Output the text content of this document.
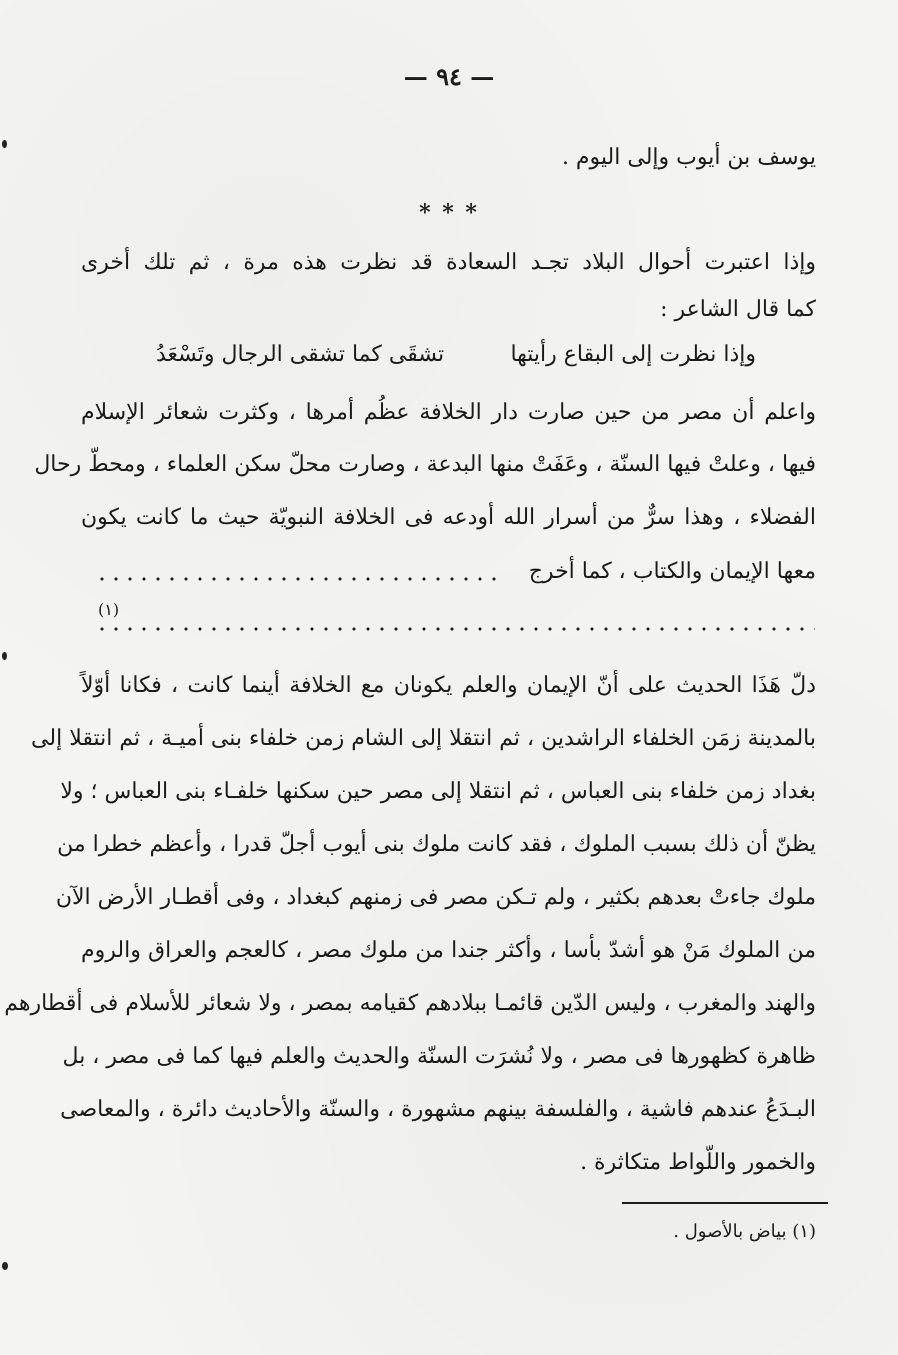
— ٩٤ —
يوسف بن أيوب وإلى اليوم .
* * *
وإذا اعتبرت أحوال البلاد تجـد السعادة قد نظرت هذه مرة ، ثم تلك أخرى
كما قال الشاعر :
وإذا نظرت إلى البقاع رأيتها
تشقَى كما تشقى الرجال وتَسْعَدُ
واعلم أن مصر من حين صارت دار الخلافة عظُم أمرها ، وكثرت شعائر الإسلام
فيها ، وعلتْ فيها السنّة ، وعَفَتْ منها البدعة ، وصارت محلّ سكن العلماء ، ومحطّ رحال
الفضلاء ، وهذا سرٌّ من أسرار الله أودعه فى الخلافة النبويّة حيث ما كانت يكون
معها الإيمان والكتاب ، كما أخرج
(١)
دلّ هَذَا الحديث على أنّ الإيمان والعلم يكونان مع الخلافة أينما كانت ، فكانا أوّلاً
بالمدينة زمَن الخلفاء الراشدين ، ثم انتقلا إلى الشام زمن خلفاء بنى أميـة ، ثم انتقلا إلى
بغداد زمن خلفاء بنى العباس ، ثم انتقلا إلى مصر حين سكنها خلفـاء بنى العباس ؛ ولا
يظنّ أن ذلك بسبب الملوك ، فقد كانت ملوك بنى أيوب أجلّ قدرا ، وأعظم خطرا من
ملوك جاءتْ بعدهم بكثير ، ولم تـكن مصر فى زمنهم كبغداد ، وفى أقطـار الأرض الآن
من الملوك مَنْ هو أشدّ بأسا ، وأكثر جندا من ملوك مصر ، كالعجم والعراق والروم
والهند والمغرب ، وليس الدّين قائمـا ببلادهم كقيامه بمصر ، ولا شعائر للأسلام فى أقطارهم
ظاهرة كظهورها فى مصر ، ولا نُشرَت السنّة والحديث والعلم فيها كما فى مصر ، بل
البـدَعُ عندهم فاشية ، والفلسفة بينهم مشهورة ، والسنّة والأحاديث دائرة ، والمعاصى
والخمور واللّواط متكاثرة .
(١) بياض بالأصول .
